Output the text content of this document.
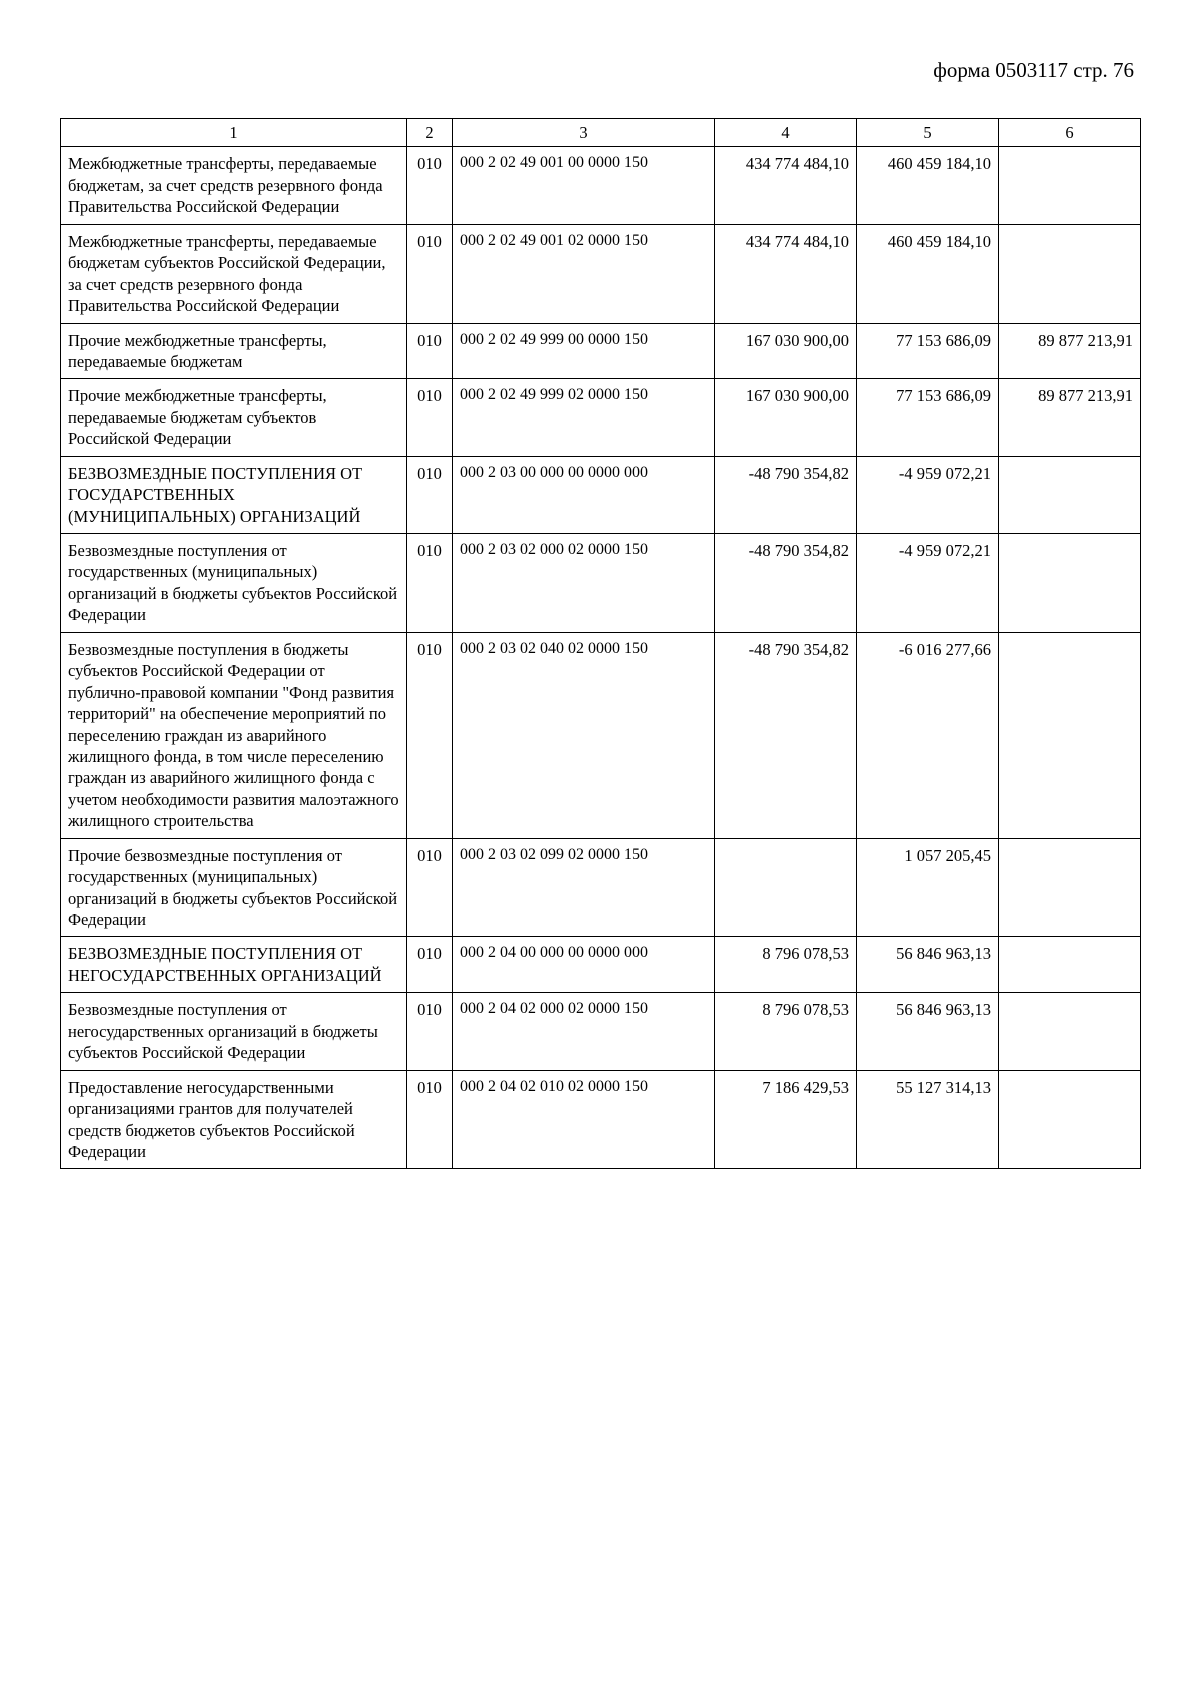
форма 0503117 стр. 76
1	2	3	4	5	6
Межбюджетные трансферты, передаваемые бюджетам, за счет средств резервного фонда Правительства Российской Федерации	010	000 2 02 49 001 00 0000 150	434 774 484,10	460 459 184,10	
Межбюджетные трансферты, передаваемые бюджетам субъектов Российской Федерации, за счет средств резервного фонда Правительства Российской Федерации	010	000 2 02 49 001 02 0000 150	434 774 484,10	460 459 184,10	
Прочие межбюджетные трансферты, передаваемые бюджетам	010	000 2 02 49 999 00 0000 150	167 030 900,00	77 153 686,09	89 877 213,91
Прочие межбюджетные трансферты, передаваемые бюджетам субъектов Российской Федерации	010	000 2 02 49 999 02 0000 150	167 030 900,00	77 153 686,09	89 877 213,91
БЕЗВОЗМЕЗДНЫЕ ПОСТУПЛЕНИЯ ОТ ГОСУДАРСТВЕННЫХ (МУНИЦИПАЛЬНЫХ) ОРГАНИЗАЦИЙ	010	000 2 03 00 000 00 0000 000	-48 790 354,82	-4 959 072,21	
Безвозмездные поступления от государственных (муниципальных) организаций в бюджеты субъектов Российской Федерации	010	000 2 03 02 000 02 0000 150	-48 790 354,82	-4 959 072,21	
Безвозмездные поступления в бюджеты субъектов Российской Федерации от публично-правовой компании "Фонд развития территорий" на обеспечение мероприятий по переселению граждан из аварийного жилищного фонда, в том числе переселению граждан из аварийного жилищного фонда с учетом необходимости развития малоэтажного жилищного строительства	010	000 2 03 02 040 02 0000 150	-48 790 354,82	-6 016 277,66	
Прочие безвозмездные поступления от государственных (муниципальных) организаций в бюджеты субъектов Российской Федерации	010	000 2 03 02 099 02 0000 150		1 057 205,45	
БЕЗВОЗМЕЗДНЫЕ ПОСТУПЛЕНИЯ ОТ НЕГОСУДАРСТВЕННЫХ ОРГАНИЗАЦИЙ	010	000 2 04 00 000 00 0000 000	8 796 078,53	56 846 963,13	
Безвозмездные поступления от негосударственных организаций в бюджеты субъектов Российской Федерации	010	000 2 04 02 000 02 0000 150	8 796 078,53	56 846 963,13	
Предоставление негосударственными организациями грантов для получателей средств бюджетов субъектов Российской Федерации	010	000 2 04 02 010 02 0000 150	7 186 429,53	55 127 314,13	
